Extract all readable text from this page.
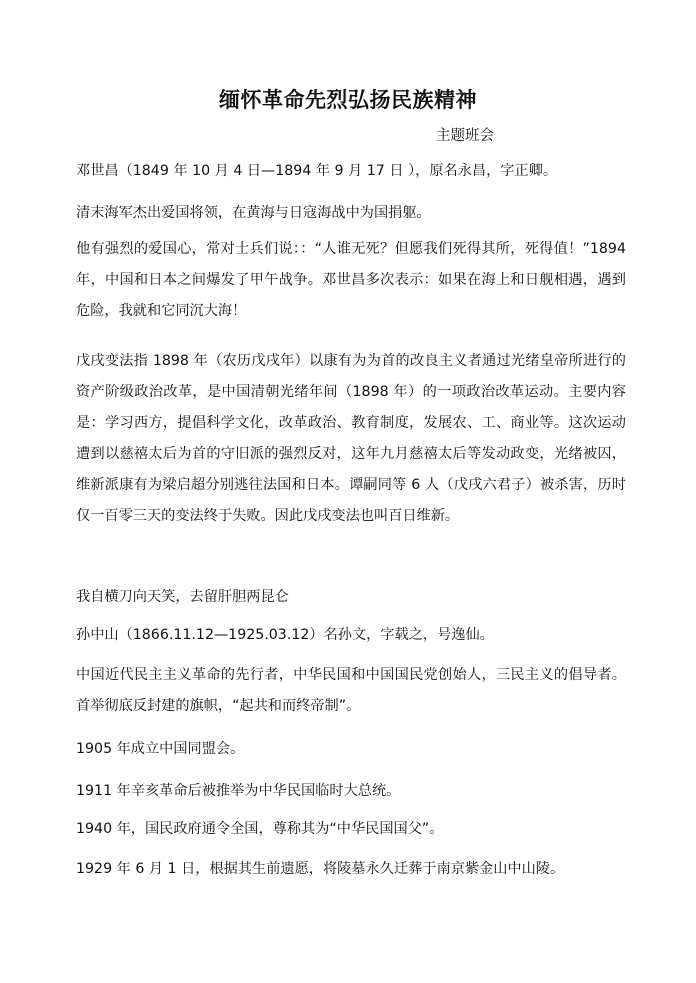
缅怀革命先烈弘扬民族精神
主题班会

邓世昌（1849 年 10 月 4 日—1894 年 9 月 17 日 ），原名永昌，字正卿。

清末海军杰出爱国将领，在黄海与日寇海战中为国捐躯。

他有强烈的爱国心，常对士兵们说：：“人谁无死？但愿我们死得其所，死得值！”1894 年，中国和日本之间爆发了甲午战争。邓世昌多次表示：如果在海上和日舰相遇，遇到危险，我就和它同沉大海！

戊戌变法指 1898 年（农历戊戌年）以康有为为首的改良主义者通过光绪皇帝所进行的资产阶级政治改革，是中国清朝光绪年间（1898 年）的一项政治改革运动。主要内容是：学习西方，提倡科学文化，改革政治、教育制度，发展农、工、商业等。这次运动遭到以慈禧太后为首的守旧派的强烈反对，这年九月慈禧太后等发动政变，光绪被囚，维新派康有为梁启超分别逃往法国和日本。谭嗣同等 6 人（戊戌六君子）被杀害，历时仅一百零三天的变法终于失败。因此戊戌变法也叫百日维新。

我自横刀向天笑，去留肝胆两昆仑

孙中山（1866.11.12—1925.03.12）名孙文，字载之，号逸仙。

中国近代民主主义革命的先行者，中华民国和中国国民党创始人，三民主义的倡导者。首举彻底反封建的旗帜，“起共和而终帝制”。

1905 年成立中国同盟会。

1911 年辛亥革命后被推举为中华民国临时大总统。

1940 年，国民政府通令全国，尊称其为“中华民国国父”。

1929 年 6 月 1 日，根据其生前遗愿，将陵墓永久迁葬于南京紫金山中山陵。
